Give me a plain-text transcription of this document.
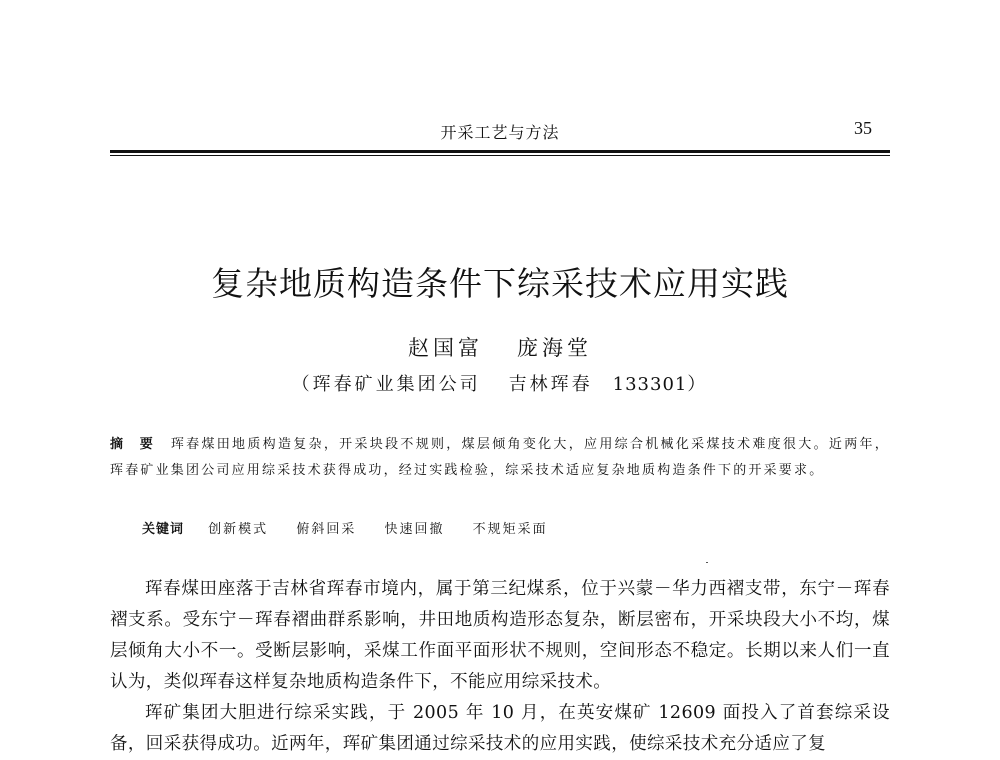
开采工艺与方法	35
复杂地质构造条件下综采技术应用实践
赵国富 庞海堂
（珲春矿业集团公司 吉林珲春 133301）
摘 要 珲春煤田地质构造复杂，开采块段不规则，煤层倾角变化大，应用综合机械化采煤技术难度很大。近两年，珲春矿业集团公司应用综采技术获得成功，经过实践检验，综采技术适应复杂地质构造条件下的开采要求。
关键词 创新模式 俯斜回采 快速回撤 不规矩采面

珲春煤田座落于吉林省珲春市境内，属于第三纪煤系，位于兴蒙－华力西褶支带，东宁－珲春褶支系。受东宁－珲春褶曲群系影响，井田地质构造形态复杂，断层密布，开采块段大小不均，煤层倾角大小不一。受断层影响，采煤工作面平面形状不规则，空间形态不稳定。长期以来人们一直认为，类似珲春这样复杂地质构造条件下，不能应用综采技术。

珲矿集团大胆进行综采实践，于 2005 年 10 月，在英安煤矿 12609 面投入了首套综采设备，回采获得成功。近两年，珲矿集团通过综采技术的应用实践，使综采技术充分适应了复
